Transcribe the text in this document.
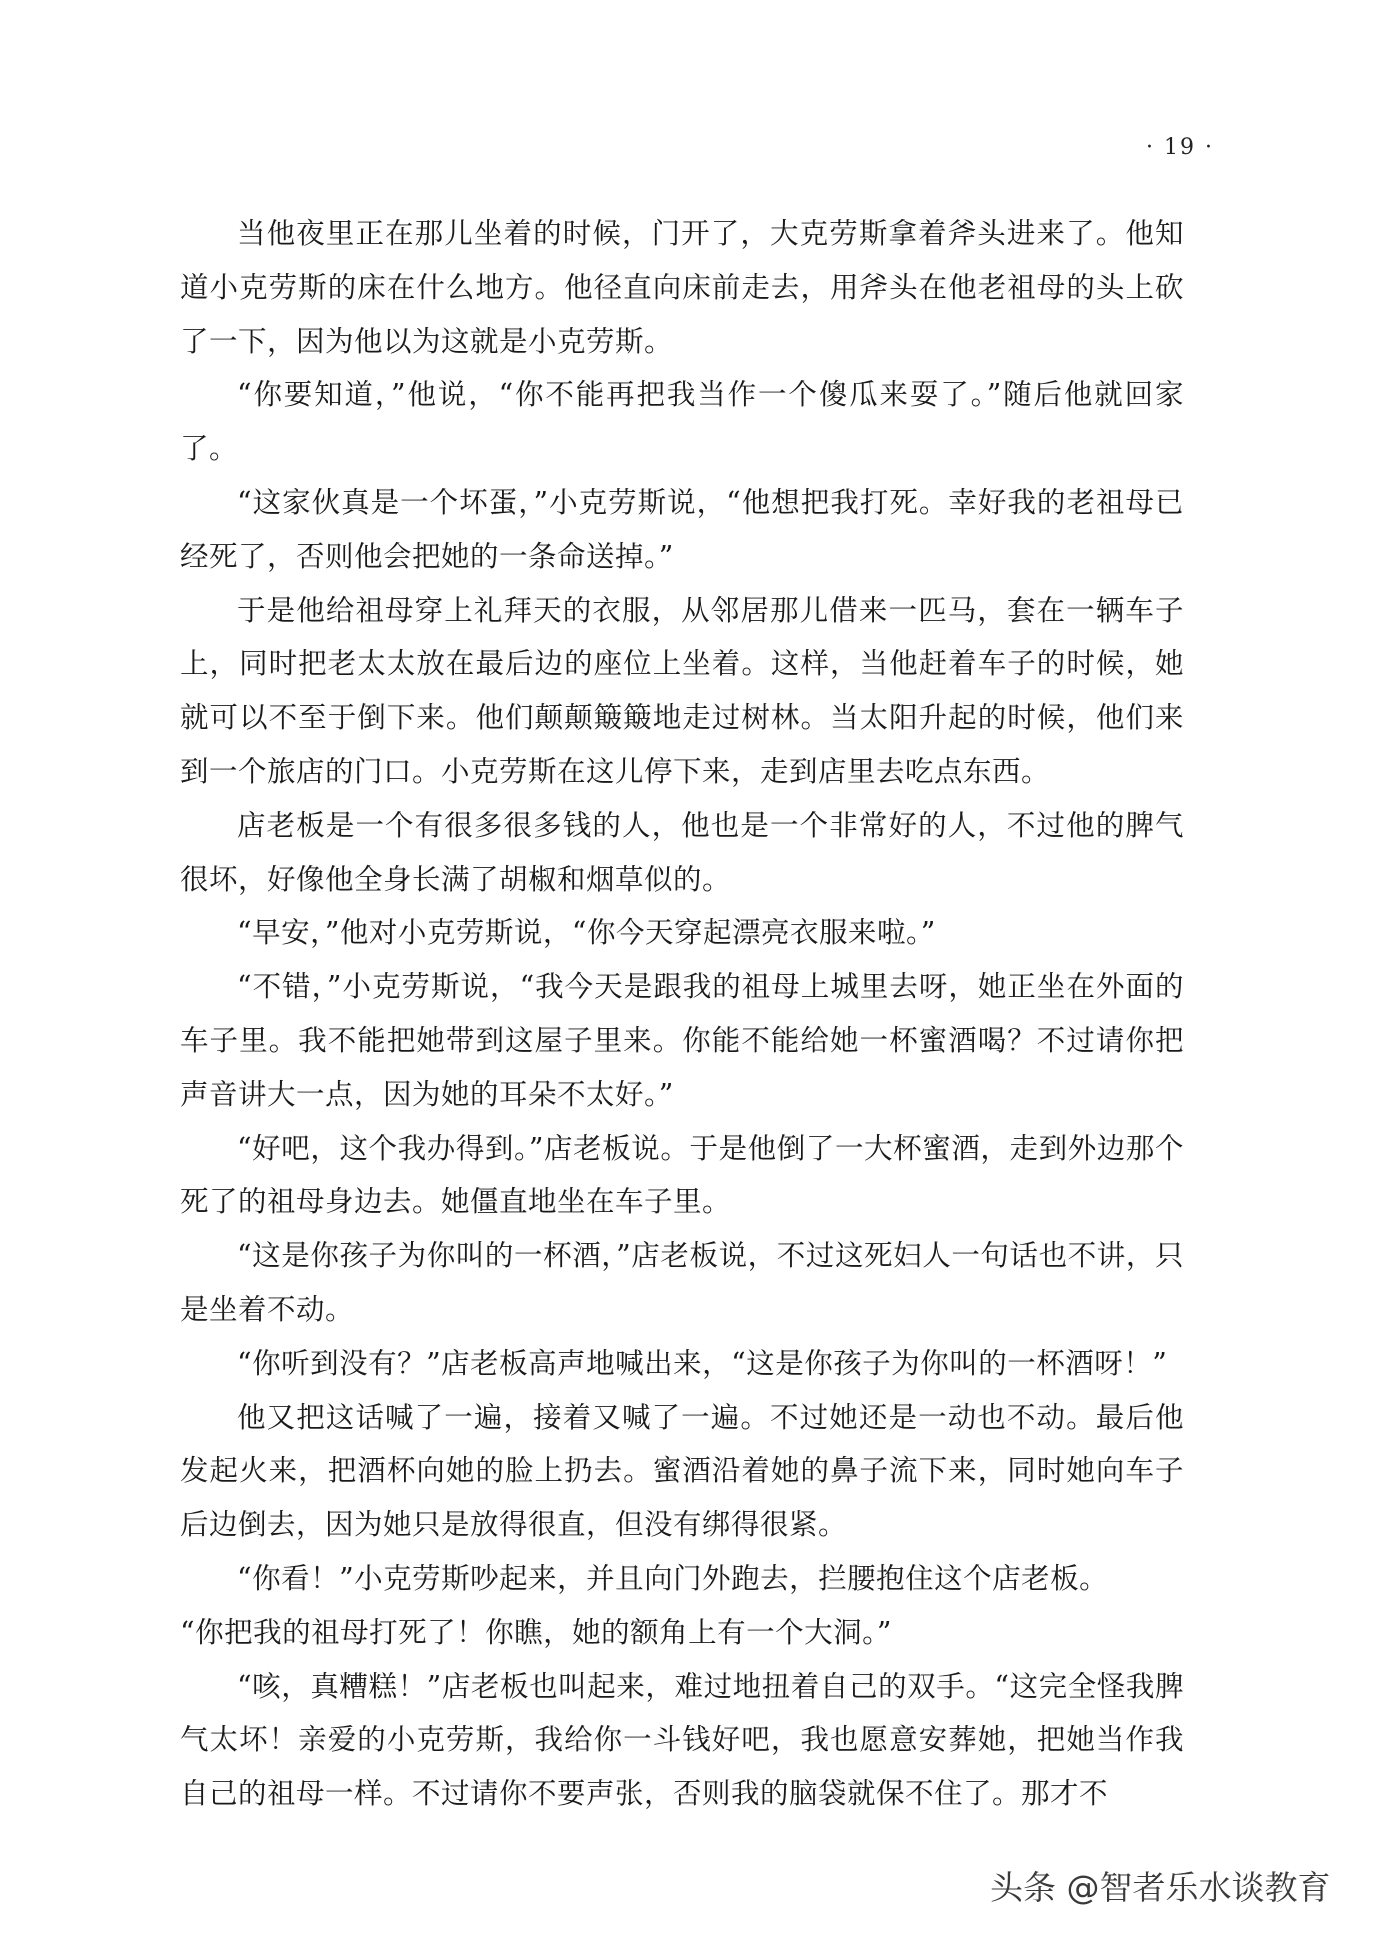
· 19 ·

当他夜里正在那儿坐着的时候，门开了，大克劳斯拿着斧头进来了。他知道小克劳斯的床在什么地方。他径直向床前走去，用斧头在他老祖母的头上砍了一下，因为他以为这就是小克劳斯。

“你要知道，”他说，“你不能再把我当作一个傻瓜来耍了。”随后他就回家了。

“这家伙真是一个坏蛋，”小克劳斯说，“他想把我打死。幸好我的老祖母已经死了，否则他会把她的一条命送掉。”

于是他给祖母穿上礼拜天的衣服，从邻居那儿借来一匹马，套在一辆车子上，同时把老太太放在最后边的座位上坐着。这样，当他赶着车子的时候，她就可以不至于倒下来。他们颠颠簸簸地走过树林。当太阳升起的时候，他们来到一个旅店的门口。小克劳斯在这儿停下来，走到店里去吃点东西。

店老板是一个有很多很多钱的人，他也是一个非常好的人，不过他的脾气很坏，好像他全身长满了胡椒和烟草似的。

“早安，”他对小克劳斯说，“你今天穿起漂亮衣服来啦。”

“不错，”小克劳斯说，“我今天是跟我的祖母上城里去呀，她正坐在外面的车子里。我不能把她带到这屋子里来。你能不能给她一杯蜜酒喝？不过请你把声音讲大一点，因为她的耳朵不太好。”

“好吧，这个我办得到。”店老板说。于是他倒了一大杯蜜酒，走到外边那个死了的祖母身边去。她僵直地坐在车子里。

“这是你孩子为你叫的一杯酒，”店老板说，不过这死妇人一句话也不讲，只是坐着不动。

“你听到没有？”店老板高声地喊出来，“这是你孩子为你叫的一杯酒呀！”

他又把这话喊了一遍，接着又喊了一遍。不过她还是一动也不动。最后他发起火来，把酒杯向她的脸上扔去。蜜酒沿着她的鼻子流下来，同时她向车子后边倒去，因为她只是放得很直，但没有绑得很紧。

“你看！”小克劳斯吵起来，并且向门外跑去，拦腰抱住这个店老板。

“你把我的祖母打死了！你瞧，她的额角上有一个大洞。”

“咳，真糟糕！”店老板也叫起来，难过地扭着自己的双手。“这完全怪我脾气太坏！亲爱的小克劳斯，我给你一斗钱好吧，我也愿意安葬她，把她当作我自己的祖母一样。不过请你不要声张，否则我的脑袋就保不住了。那才不

头条 @智者乐水谈教育
